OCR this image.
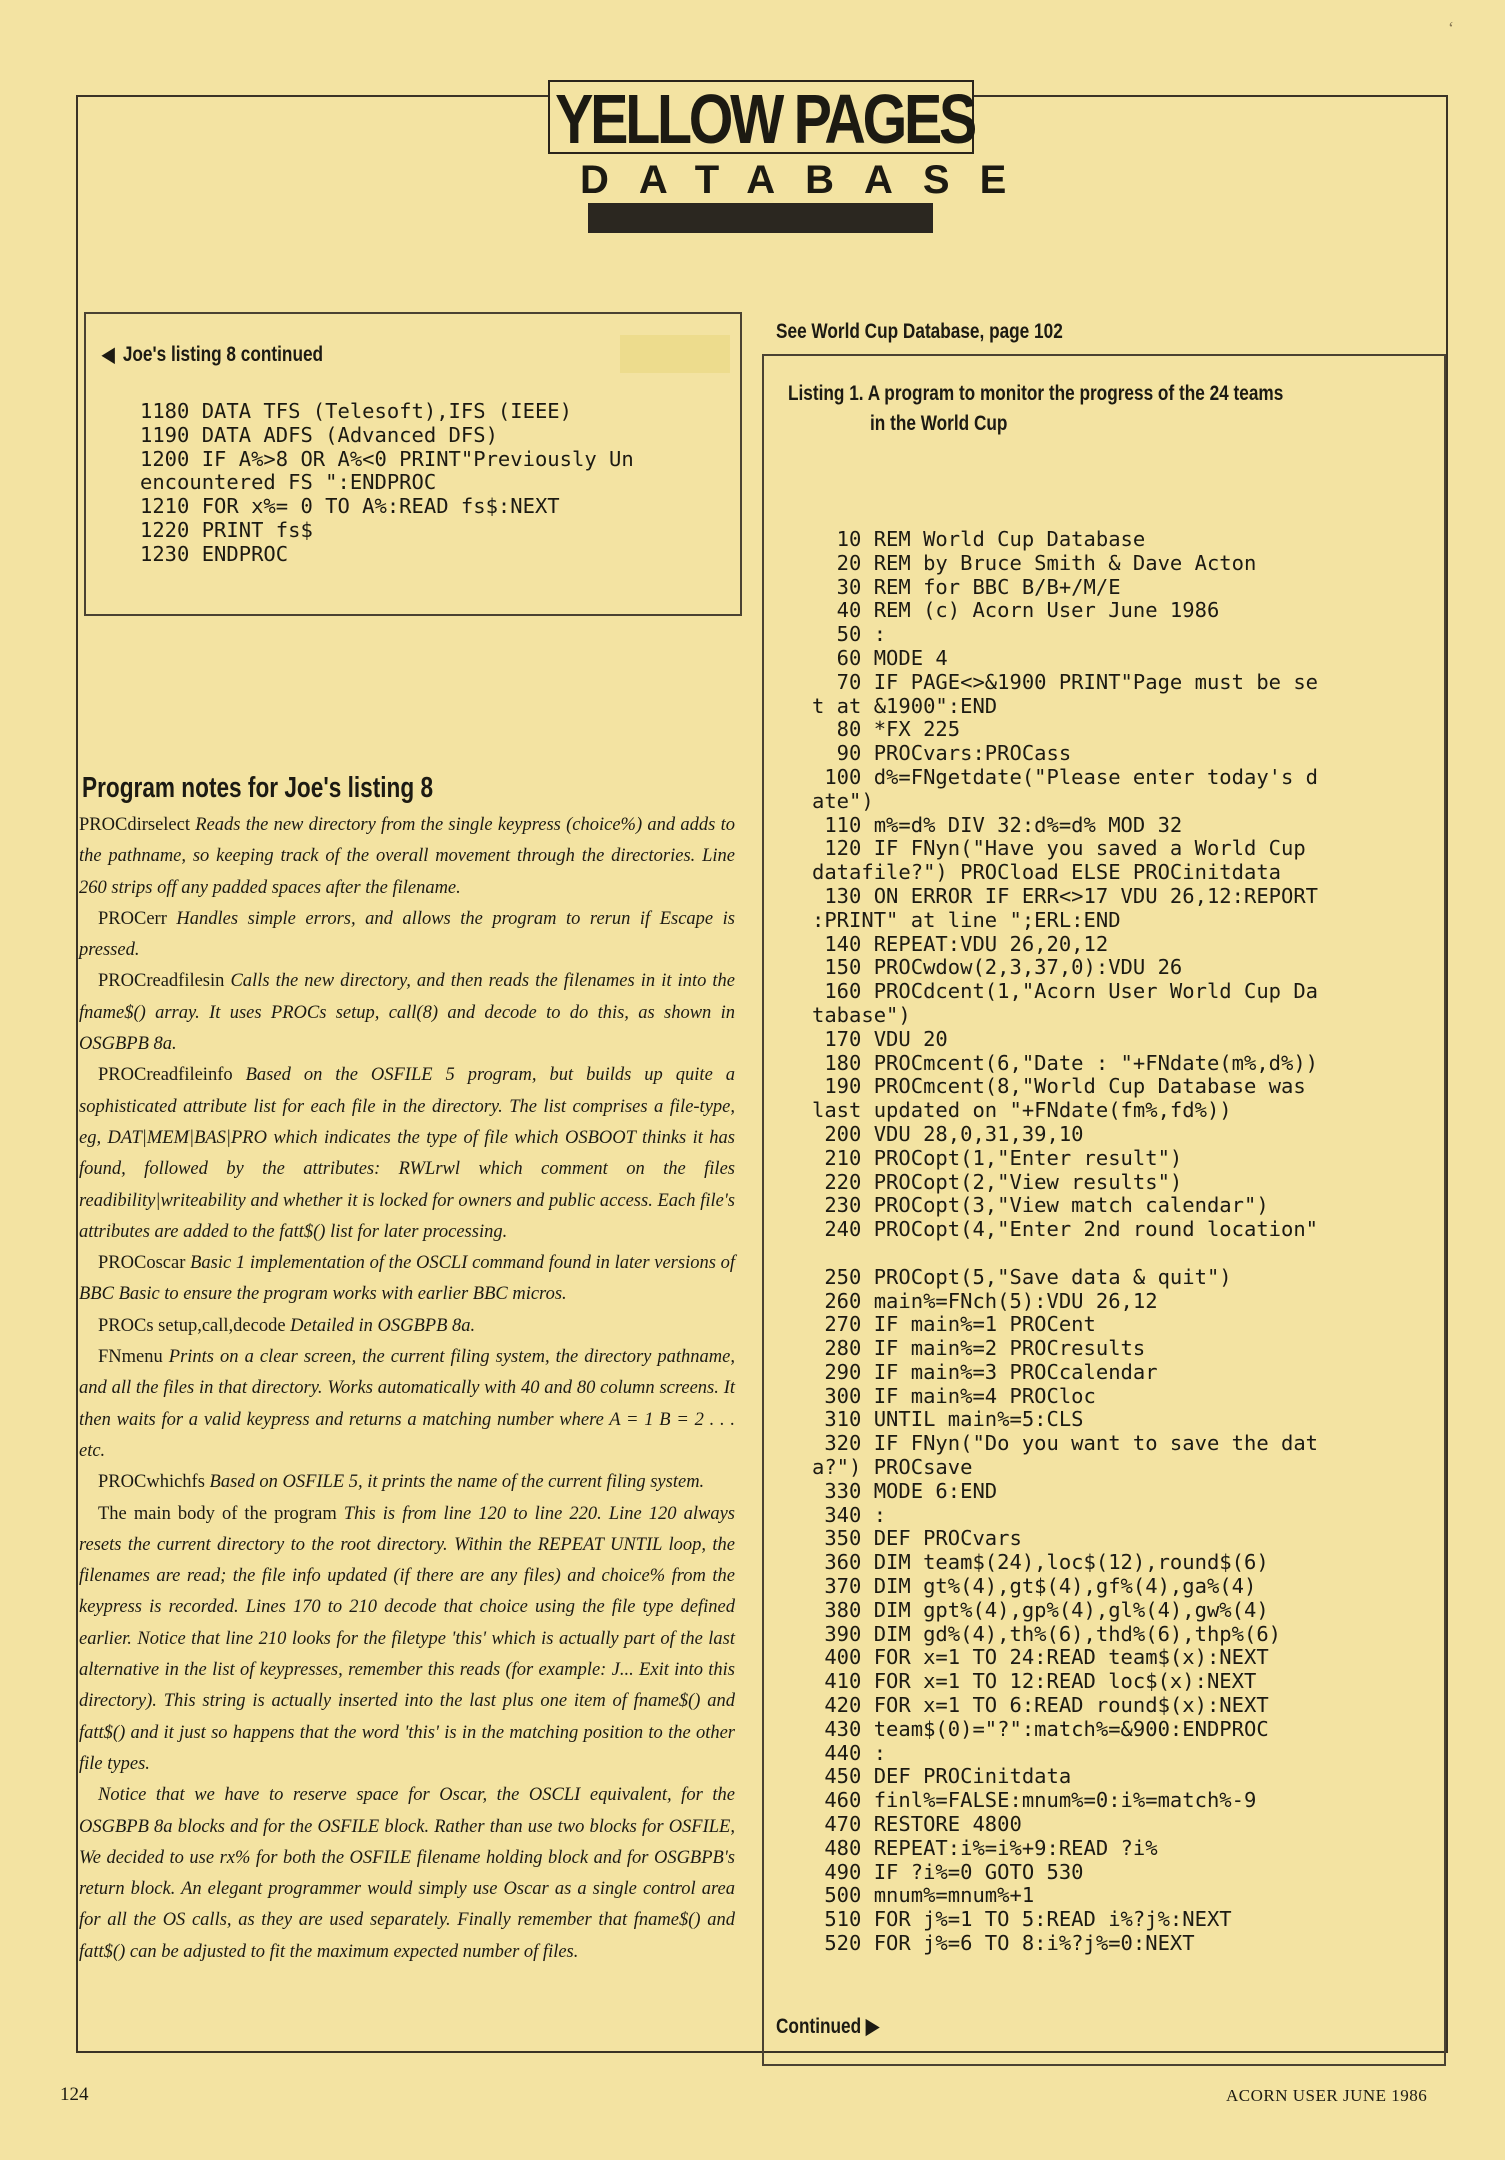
ʻ
YELLOW PAGES
DATABASE
◀ Joe's listing 8 continued
1180 DATA TFS (Telesoft),IFS (IEEE)
1190 DATA ADFS (Advanced DFS)
1200 IF A%>8 OR A%<0 PRINT"Previously Un
encountered FS ":ENDPROC
1210 FOR x%= 0 TO A%:READ fs$:NEXT
1220 PRINT fs$
1230 ENDPROC
Program notes for Joe's listing 8

PROCdirselect Reads the new directory from the single keypress (choice%) and adds to the pathname, so keeping track of the overall movement through the directories. Line 260 strips off any padded spaces after the filename.

PROCerr Handles simple errors, and allows the program to rerun if Escape is pressed.

PROCreadfilesin Calls the new directory, and then reads the filenames in it into the fname$() array. It uses PROCs setup, call(8) and decode to do this, as shown in OSGBPB 8a.

PROCreadfileinfo Based on the OSFILE 5 program, but builds up quite a sophisticated attribute list for each file in the directory. The list comprises a file-type, eg, DAT|MEM|BAS|PRO which indicates the type of file which OSBOOT thinks it has found, followed by the attributes: RWLrwl which comment on the files readibility|writeability and whether it is locked for owners and public access. Each file's attributes are added to the fatt$() list for later processing.

PROCoscar Basic 1 implementation of the OSCLI command found in later versions of BBC Basic to ensure the program works with earlier BBC micros.

PROCs setup,call,decode Detailed in OSGBPB 8a.

FNmenu Prints on a clear screen, the current filing system, the directory pathname, and all the files in that directory. Works automatically with 40 and 80 column screens. It then waits for a valid keypress and returns a matching number where A = 1 B = 2 . . . etc.

PROCwhichfs Based on OSFILE 5, it prints the name of the current filing system.

The main body of the program This is from line 120 to line 220. Line 120 always resets the current directory to the root directory. Within the REPEAT UNTIL loop, the filenames are read; the file info updated (if there are any files) and choice% from the keypress is recorded. Lines 170 to 210 decode that choice using the file type defined earlier. Notice that line 210 looks for the filetype 'this' which is actually part of the last alternative in the list of keypresses, remember this reads (for example: J... Exit into this directory). This string is actually inserted into the last plus one item of fname$() and fatt$() and it just so happens that the word 'this' is in the matching position to the other file types.

Notice that we have to reserve space for Oscar, the OSCLI equivalent, for the OSGBPB 8a blocks and for the OSFILE block. Rather than use two blocks for OSFILE, We decided to use rx% for both the OSFILE filename holding block and for OSGBPB's return block. An elegant programmer would simply use Oscar as a single control area for all the OS calls, as they are used separately. Finally remember that fname$() and fatt$() can be adjusted to fit the maximum expected number of files.

See World Cup Database, page 102
Listing 1. A program to monitor the progress of the 24 teams
in the World Cup
10 REM World Cup Database
20 REM by Bruce Smith & Dave Acton
30 REM for BBC B/B+/M/E
40 REM (c) Acorn User June 1986
50 :
60 MODE 4
70 IF PAGE<>&1900 PRINT"Page must be se
t at &1900":END
80 *FX 225
90 PROCvars:PROCass
100 d%=FNgetdate("Please enter today's d
ate")
110 m%=d% DIV 32:d%=d% MOD 32
120 IF FNyn("Have you saved a World Cup
datafile?") PROCload ELSE PROCinitdata
130 ON ERROR IF ERR<>17 VDU 26,12:REPORT
:PRINT" at line ";ERL:END
140 REPEAT:VDU 26,20,12
150 PROCwdow(2,3,37,0):VDU 26
160 PROCdcent(1,"Acorn User World Cup Da
tabase")
170 VDU 20
180 PROCmcent(6,"Date : "+FNdate(m%,d%))
190 PROCmcent(8,"World Cup Database was
last updated on "+FNdate(fm%,fd%))
200 VDU 28,0,31,39,10
210 PROCopt(1,"Enter result")
220 PROCopt(2,"View results")
230 PROCopt(3,"View match calendar")
240 PROCopt(4,"Enter 2nd round location"

250 PROCopt(5,"Save data & quit")
260 main%=FNch(5):VDU 26,12
270 IF main%=1 PROCent
280 IF main%=2 PROCresults
290 IF main%=3 PROCcalendar
300 IF main%=4 PROCloc
310 UNTIL main%=5:CLS
320 IF FNyn("Do you want to save the dat
a?") PROCsave
330 MODE 6:END
340 :
350 DEF PROCvars
360 DIM team$(24),loc$(12),round$(6)
370 DIM gt%(4),gt$(4),gf%(4),ga%(4)
380 DIM gpt%(4),gp%(4),gl%(4),gw%(4)
390 DIM gd%(4),th%(6),thd%(6),thp%(6)
400 FOR x=1 TO 24:READ team$(x):NEXT
410 FOR x=1 TO 12:READ loc$(x):NEXT
420 FOR x=1 TO 6:READ round$(x):NEXT
430 team$(0)="?":match%=&900:ENDPROC
440 :
450 DEF PROCinitdata
460 finl%=FALSE:mnum%=0:i%=match%-9
470 RESTORE 4800
480 REPEAT:i%=i%+9:READ ?i%
490 IF ?i%=0 GOTO 530
500 mnum%=mnum%+1
510 FOR j%=1 TO 5:READ i%?j%:NEXT
520 FOR j%=6 TO 8:i%?j%=0:NEXT
Continued ▶
124	ACORN USER JUNE 1986
